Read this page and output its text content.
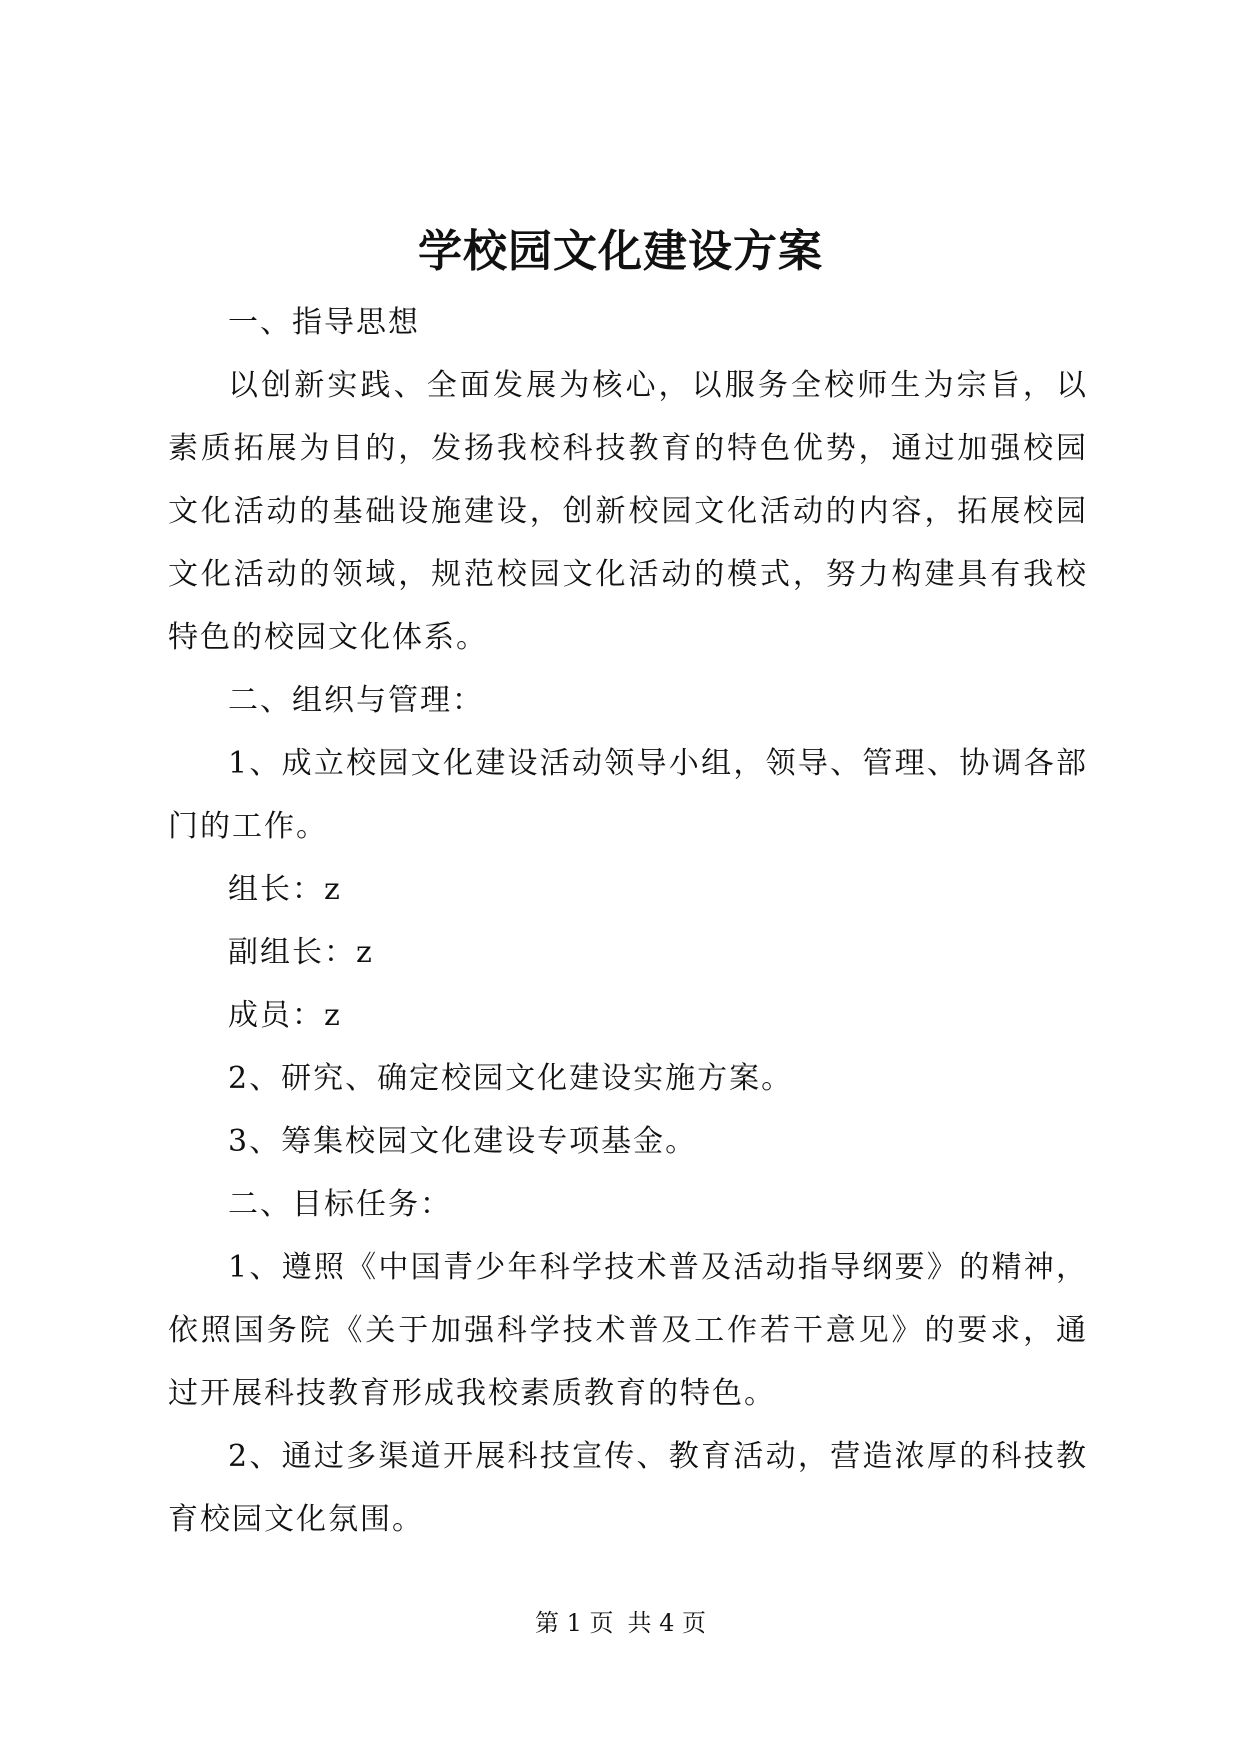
学校园文化建设方案

一、指导思想

以创新实践、全面发展为核心，以服务全校师生为宗旨，以素质拓展为目的，发扬我校科技教育的特色优势，通过加强校园文化活动的基础设施建设，创新校园文化活动的内容，拓展校园文化活动的领域，规范校园文化活动的模式，努力构建具有我校特色的校园文化体系。

二、组织与管理：

1、成立校园文化建设活动领导小组，领导、管理、协调各部门的工作。

组长：z

副组长：z

成员：z

2、研究、确定校园文化建设实施方案。

3、筹集校园文化建设专项基金。

二、目标任务：

1、遵照《中国青少年科学技术普及活动指导纲要》的精神，依照国务院《关于加强科学技术普及工作若干意见》的要求，通过开展科技教育形成我校素质教育的特色。

2、通过多渠道开展科技宣传、教育活动，营造浓厚的科技教育校园文化氛围。

第 1 页 共 4 页
